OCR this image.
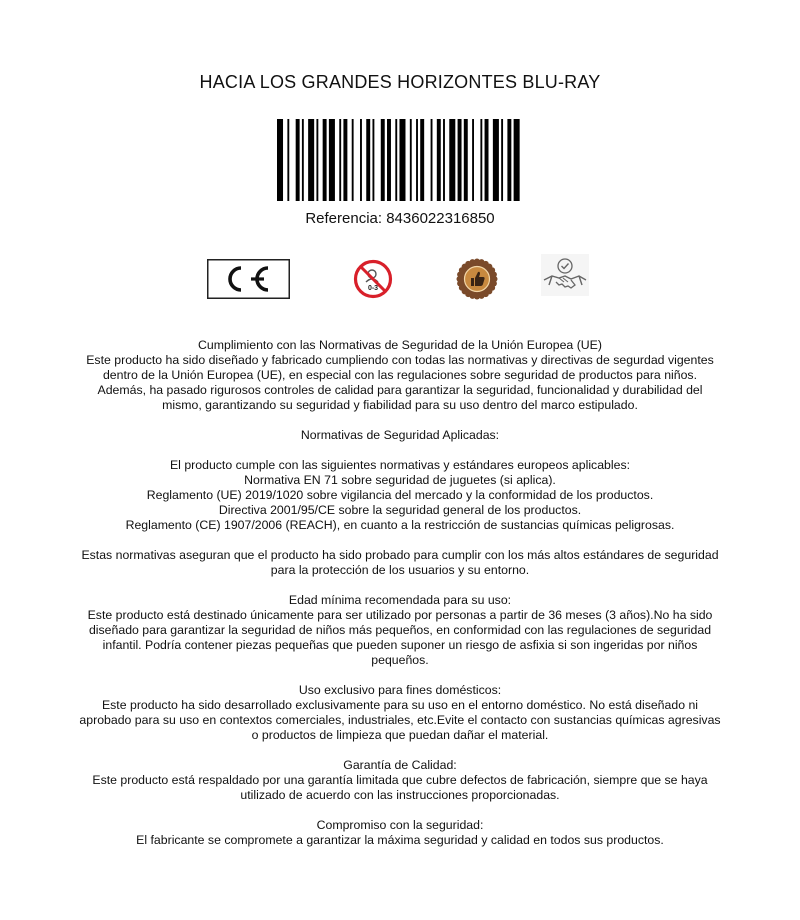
HACIA LOS GRANDES HORIZONTES BLU-RAY
Referencia: 8436022316850
0-3

Cumplimiento con las Normativas de Seguridad de la Unión Europea (UE)
Este producto ha sido diseñado y fabricado cumpliendo con todas las normativas y directivas de segurdad vigentes dentro de la Unión Europea (UE), en especial con las regulaciones sobre seguridad de productos para niños. Además, ha pasado rigurosos controles de calidad para garantizar la seguridad, funcionalidad y durabilidad del mismo, garantizando su seguridad y fiabilidad para su uso dentro del marco estipulado.

Normativas de Seguridad Aplicadas:

El producto cumple con las siguientes normativas y estándares europeos aplicables:
Normativa EN 71 sobre seguridad de juguetes (si aplica).
Reglamento (UE) 2019/1020 sobre vigilancia del mercado y la conformidad de los productos.
Directiva 2001/95/CE sobre la seguridad general de los productos.
Reglamento (CE) 1907/2006 (REACH), en cuanto a la restricción de sustancias químicas peligrosas.

Estas normativas aseguran que el producto ha sido probado para cumplir con los más altos estándares de seguridad para la protección de los usuarios y su entorno.

Edad mínima recomendada para su uso:
Este producto está destinado únicamente para ser utilizado por personas a partir de 36 meses (3 años).No ha sido diseñado para garantizar la seguridad de niños más pequeños, en conformidad con las regulaciones de seguridad infantil. Podría contener piezas pequeñas que pueden suponer un riesgo de asfixia si son ingeridas por niños pequeños.

Uso exclusivo para fines domésticos:
Este producto ha sido desarrollado exclusivamente para su uso en el entorno doméstico. No está diseñado ni aprobado para su uso en contextos comerciales, industriales, etc.Evite el contacto con sustancias químicas agresivas o productos de limpieza que puedan dañar el material.

Garantía de Calidad:
Este producto está respaldado por una garantía limitada que cubre defectos de fabricación, siempre que se haya utilizado de acuerdo con las instrucciones proporcionadas.

Compromiso con la seguridad:
El fabricante se compromete a garantizar la máxima seguridad y calidad en todos sus productos.
